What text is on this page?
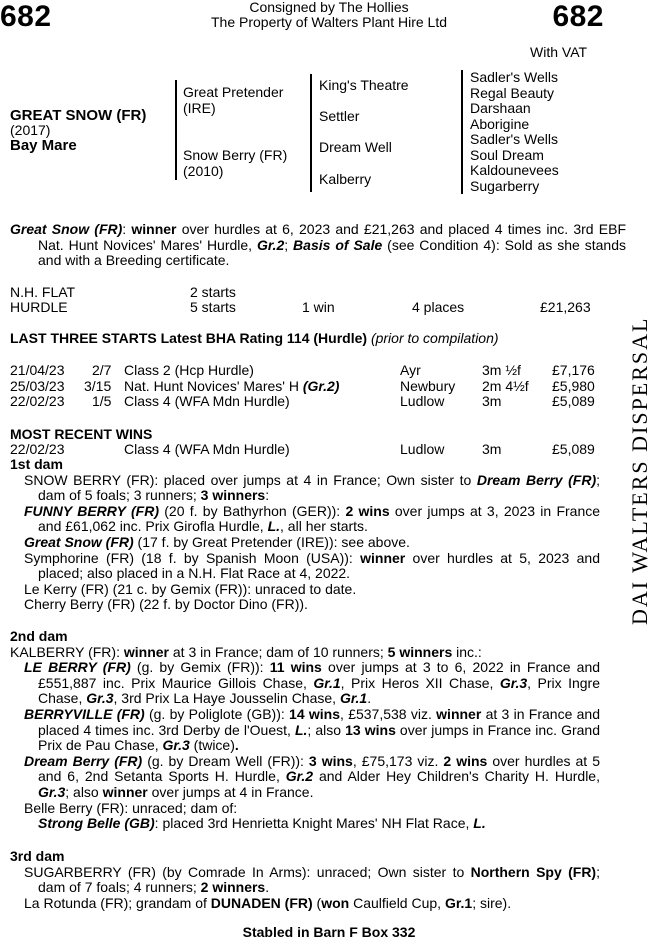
682	682
Consigned by The Hollies
The Property of Walters Plant Hire Ltd
With VAT
GREAT SNOW (FR)
(2017)
Bay Mare
Great Pretender
(IRE)
Snow Berry (FR)
(2010)
King's Theatre
Settler
Dream Well
Kalberry
Sadler's Wells
Regal Beauty
Darshaan
Aborigine
Sadler's Wells
Soul Dream
Kaldounevees
Sugarberry
Great Snow (FR): winner over hurdles at 6, 2023 and £21,263 and placed 4 times inc. 3rd EBF Nat. Hunt Novices' Mares' Hurdle, Gr.2; Basis of Sale (see Condition 4): Sold as she stands and with a Breeding certificate.
N.H. FLAT	2 starts
HURDLE	5 starts	1 win	4 places	£21,263
LAST THREE STARTS Latest BHA Rating 114 (Hurdle) (prior to compilation)
21/04/23 2/7 Class 2 (Hcp Hurdle)	Ayr	3m ½f £7,176
25/03/23 3/15 Nat. Hunt Novices' Mares' H (Gr.2)	Newbury 2m 4½f £5,980
22/02/23 1/5 Class 4 (WFA Mdn Hurdle)	Ludlow	3m	£5,089
MOST RECENT WINS
22/02/23	Class 4 (WFA Mdn Hurdle)	Ludlow	3m	£5,089
1st dam
SNOW BERRY (FR): placed over jumps at 4 in France; Own sister to Dream Berry (FR); dam of 5 foals; 3 runners; 3 winners:
FUNNY BERRY (FR) (20 f. by Bathyrhon (GER)): 2 wins over jumps at 3, 2023 in France and £61,062 inc. Prix Girofla Hurdle, L., all her starts.
Great Snow (FR) (17 f. by Great Pretender (IRE)): see above.
Symphorine (FR) (18 f. by Spanish Moon (USA)): winner over hurdles at 5, 2023 and placed; also placed in a N.H. Flat Race at 4, 2022.
Le Kerry (FR) (21 c. by Gemix (FR)): unraced to date.
Cherry Berry (FR) (22 f. by Doctor Dino (FR)).
2nd dam
KALBERRY (FR): winner at 3 in France; dam of 10 runners; 5 winners inc.:
LE BERRY (FR) (g. by Gemix (FR)): 11 wins over jumps at 3 to 6, 2022 in France and £551,887 inc. Prix Maurice Gillois Chase, Gr.1, Prix Heros XII Chase, Gr.3, Prix Ingre Chase, Gr.3, 3rd Prix La Haye Jousselin Chase, Gr.1.
BERRYVILLE (FR) (g. by Poliglote (GB)): 14 wins, £537,538 viz. winner at 3 in France and placed 4 times inc. 3rd Derby de l'Ouest, L.; also 13 wins over jumps in France inc. Grand Prix de Pau Chase, Gr.3 (twice).
Dream Berry (FR) (g. by Dream Well (FR)): 3 wins, £75,173 viz. 2 wins over hurdles at 5 and 6, 2nd Setanta Sports H. Hurdle, Gr.2 and Alder Hey Children's Charity H. Hurdle, Gr.3; also winner over jumps at 4 in France.
Belle Berry (FR): unraced; dam of:
Strong Belle (GB): placed 3rd Henrietta Knight Mares' NH Flat Race, L.
3rd dam
SUGARBERRY (FR) (by Comrade In Arms): unraced; Own sister to Northern Spy (FR); dam of 7 foals; 4 runners; 2 winners.
La Rotunda (FR); grandam of DUNADEN (FR) (won Caulfield Cup, Gr.1; sire).
DAI WALTERS DISPERSAL
Stabled in Barn F Box 332
